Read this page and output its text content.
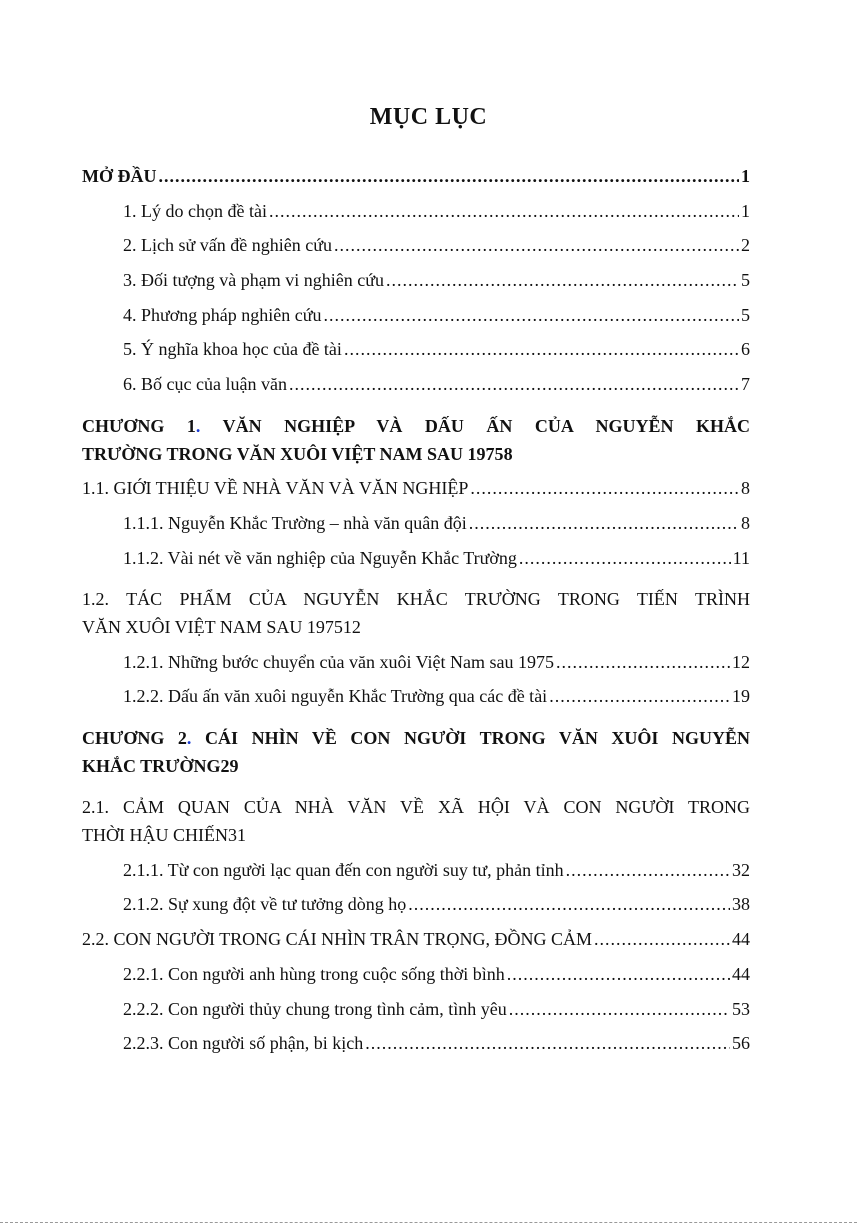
MỤC LỤC
MỞ ĐẦU .....	1
1. Lý do chọn đề tài .....	1
2. Lịch sử vấn đề nghiên cứu .....	2
3. Đối tượng và phạm vi nghiên cứu .....	5
4. Phương pháp nghiên cứu .....	5
5. Ý nghĩa khoa học của đề tài .....	6
6. Bố cục của luận văn .....	7
CHƯƠNG 1. VĂN NGHIỆP VÀ DẤU ẤN CỦA NGUYỄN KHẮC
TRƯỜNG TRONG VĂN XUÔI VIỆT NAM SAU 1975 8
1.1. GIỚI THIỆU VỀ NHÀ VĂN VÀ VĂN NGHIỆP .....	8
1.1.1. Nguyễn Khắc Trường – nhà văn quân đội .....	8
1.1.2. Vài nét về văn nghiệp của Nguyễn Khắc Trường .....	11
1.2. TÁC PHẨM CỦA NGUYỄN KHẮC TRƯỜNG TRONG TIẾN TRÌNH
VĂN XUÔI VIỆT NAM SAU 1975 12
1.2.1. Những bước chuyển của văn xuôi Việt Nam sau 1975 .....	12
1.2.2. Dấu ấn văn xuôi nguyễn Khắc Trường qua các đề tài .....	19
CHƯƠNG 2. CÁI NHÌN VỀ CON NGƯỜI TRONG VĂN XUÔI NGUYỄN
KHẮC TRƯỜNG 29
2.1. CẢM QUAN CỦA NHÀ VĂN VỀ XÃ HỘI VÀ CON NGƯỜI TRONG
THỜI HẬU CHIẾN 31
2.1.1. Từ con người lạc quan đến con người suy tư, phản tỉnh .....	32
2.1.2. Sự xung đột về tư tưởng dòng họ .....	38
2.2. CON NGƯỜI TRONG CÁI NHÌN TRÂN TRỌNG, ĐỒNG CẢM .....	44
2.2.1. Con người anh hùng trong cuộc sống thời bình .....	44
2.2.2. Con người thủy chung trong tình cảm, tình yêu .....	53
2.2.3. Con người số phận, bi kịch .....	56
